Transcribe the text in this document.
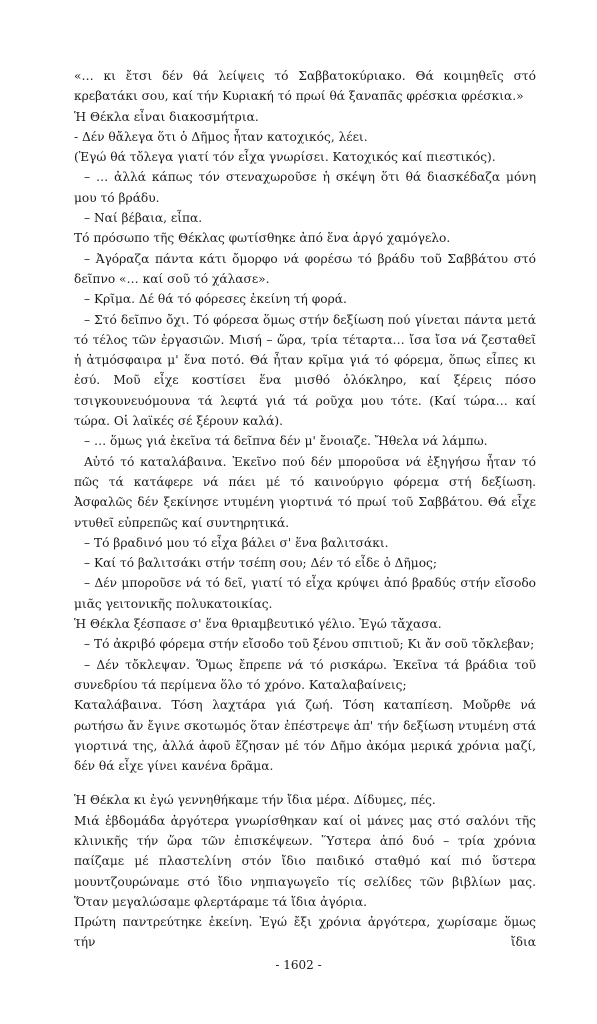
«… κι ἔτσι δέν θά λείψεις τό Σαββατοκύριακο. Θά κοιμηθεῖς στό κρεβατάκι σου, καί τήν Κυριακή τό πρωί θά ξαναπᾶς φρέσκια φρέσκια.»

Ἡ Θέκλα εἶναι διακοσμήτρια.

- Δέν θἄλεγα ὅτι ὁ Δῆμος ἦταν κατοχικός, λέει.

(Ἐγώ θά τὄλεγα γιατί τόν εἶχα γνωρίσει. Κατοχικός καί πιεστικός).

– … ἀλλά κάπως τόν στεναχωροῦσε ἡ σκέψη ὅτι θά διασκέδαζα μόνη μου τό βράδυ.

– Ναί βέβαια, εἶπα.

Τό πρόσωπο τῆς Θέκλας φωτίσθηκε ἀπό ἕνα ἀργό χαμόγελο.

– Ἀγόραζα πάντα κάτι ὄμορφο νά φορέσω τό βράδυ τοῦ Σαββάτου στό δεῖπνο «… καί σοῦ τό χάλασε».

– Κρῖμα. Δέ θά τό φόρεσες ἐκείνη τή φορά.

– Στό δεῖπνο ὄχι. Τό φόρεσα ὅμως στήν δεξίωση πού γίνεται πάντα μετά τό τέλος τῶν ἐργασιῶν. Μισή – ὥρα, τρία τέταρτα… ἴσα ἴσα νά ζεσταθεῖ ἡ ἀτμόσφαιρα μ' ἕνα ποτό. Θά ἦταν κρῖμα γιά τό φόρεμα, ὅπως εἶπες κι ἐσύ. Μοῦ εἶχε κοστίσει ἕνα μισθό ὁλόκληρο, καί ξέρεις πόσο τσιγκουνευόμουνα τά λεφτά γιά τά ροῦχα μου τότε. (Καί τώρα… καί τώρα. Οἱ λαϊκές σέ ξέρουν καλά).

– … ὅμως γιά ἐκεῖνα τά δεῖπνα δέν μ' ἔνοιαζε. Ἤθελα νά λάμπω.

Αὐτό τό καταλάβαινα. Ἐκεῖνο πού δέν μποροῦσα νά ἐξηγήσω ἦταν τό πῶς τά κατάφερε νά πάει μέ τό καινούργιο φόρεμα στή δεξίωση. Ἀσφαλῶς δέν ξεκίνησε ντυμένη γιορτινά τό πρωί τοῦ Σαββάτου. Θά εἶχε ντυθεῖ εὐπρεπῶς καί συντηρητικά.

– Τό βραδινό μου τό εἶχα βάλει σ' ἕνα βαλιτσάκι.

– Καί τό βαλιτσάκι στήν τσέπη σου; Δέν τό εἶδε ὁ Δῆμος;

– Δέν μποροῦσε νά τό δεῖ, γιατί τό εἶχα κρύψει ἀπό βραδύς στήν εἴσοδο μιᾶς γειτονικῆς πολυκατοικίας.

Ἡ Θέκλα ξέσπασε σ' ἕνα θριαμβευτικό γέλιο. Ἐγώ τἄχασα.

– Τό ἀκριβό φόρεμα στήν εἴσοδο τοῦ ξένου σπιτιοῦ; Κι ἄν σοῦ τὄκλεβαν;

– Δέν τὄκλεψαν. Ὅμως ἔπρεπε νά τό ρισκάρω. Ἐκεῖνα τά βράδια τοῦ συνεδρίου τά περίμενα ὅλο τό χρόνο. Καταλαβαίνεις;

Καταλάβαινα. Τόση λαχτάρα γιά ζωή. Τόση καταπίεση. Μοὔρθε νά ρωτήσω ἄν ἔγινε σκοτωμός ὅταν ἐπέστρεψε ἀπ' τήν δεξίωση ντυμένη στά γιορτινά της, ἀλλά ἀφοῦ ἔζησαν μέ τόν Δῆμο ἀκόμα μερικά χρόνια μαζί, δέν θά εἶχε γίνει κανένα δρᾶμα.

Ἡ Θέκλα κι ἐγώ γεννηθήκαμε τήν ἴδια μέρα. Δίδυμες, πές.

Μιά ἑβδομάδα ἀργότερα γνωρίσθηκαν καί οἱ μάνες μας στό σαλόνι τῆς κλινικῆς τήν ὥρα τῶν ἐπισκέψεων. Ὕστερα ἀπό δυό – τρία χρόνια παίζαμε μέ πλαστελίνη στόν ἴδιο παιδικό σταθμό καί πιό ὕστερα μουντζουρώναμε στό ἴδιο νηπιαγωγεῖο τίς σελίδες τῶν βιβλίων μας. Ὅταν μεγαλώσαμε φλερτάραμε τά ἴδια ἀγόρια.

Πρώτη παντρεύτηκε ἐκείνη. Ἐγώ ἔξι χρόνια ἀργότερα, χωρίσαμε ὅμως τήν ἴδια

- 1602 -
